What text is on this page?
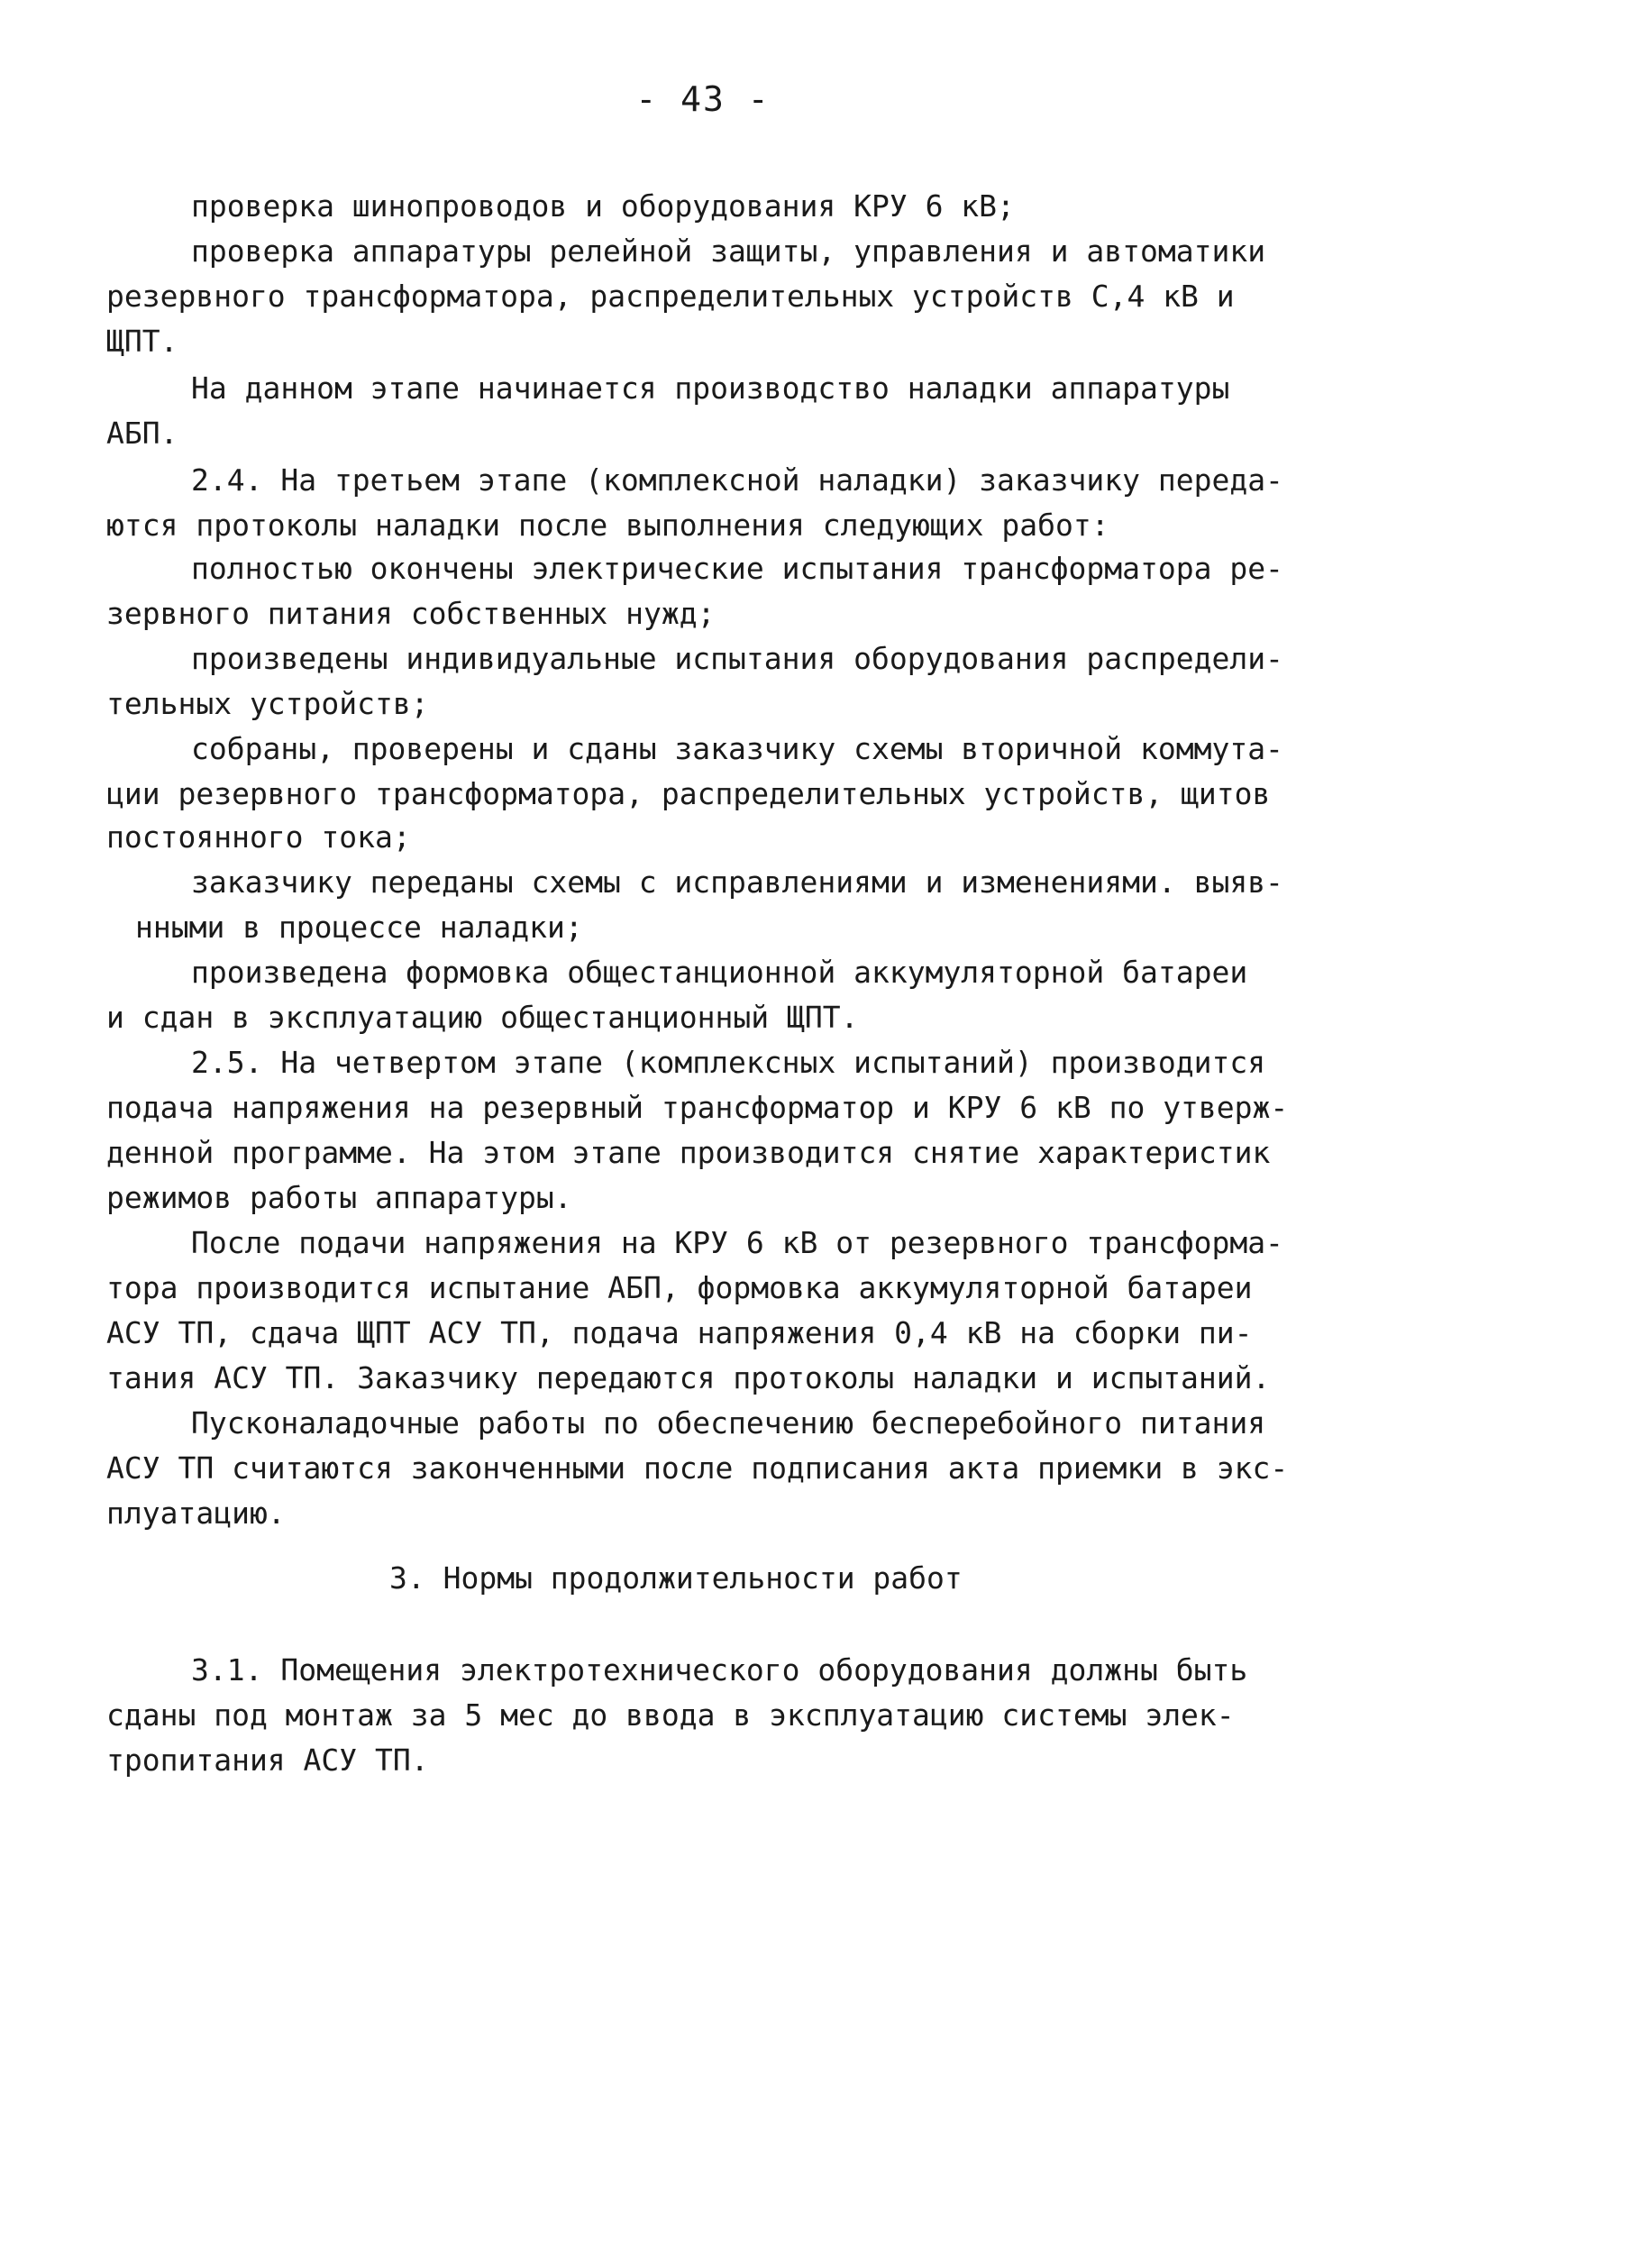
- 43 -
проверка шинопроводов и оборудования КРУ 6 кВ;
проверка аппаратуры релейной защиты, управления и автоматики
резервного трансформатора, распределительных устройств С,4 кВ и
ЩПТ.
На данном этапе начинается производство наладки аппаратуры
АБП.
2.4. На третьем этапе (комплексной наладки) заказчику переда-
ются протоколы наладки после выполнения следующих работ:
полностью окончены электрические испытания трансформатора ре-
зервного питания собственных нужд;
произведены индивидуальные испытания оборудования распредели-
тельных устройств;
собраны, проверены и сданы заказчику схемы вторичной коммута-
ции резервного трансформатора, распределительных устройств, щитов
постоянного тока;
заказчику переданы схемы с исправлениями и изменениями. выяв-
нными в процессе наладки;
произведена формовка общестанционной аккумуляторной батареи
и сдан в эксплуатацию общестанционный ЩПТ.
2.5. На четвертом этапе (комплексных испытаний) производится
подача напряжения на резервный трансформатор и КРУ 6 кВ по утверж-
денной программе. На этом этапе производится снятие характеристик
режимов работы аппаратуры.
После подачи напряжения на КРУ 6 кВ от резервного трансформа-
тора производится испытание АБП, формовка аккумуляторной батареи
АСУ ТП, сдача ЩПТ АСУ ТП, подача напряжения 0,4 кВ на сборки пи-
тания АСУ ТП. Заказчику передаются протоколы наладки и испытаний.
Пусконаладочные работы по обеспечению бесперебойного питания
АСУ ТП считаются законченными после подписания акта приемки в экс-
плуатацию.
3. Нормы продолжительности работ
3.1. Помещения электротехнического оборудования должны быть
сданы под монтаж за 5 мес до ввода в эксплуатацию системы элек-
тропитания АСУ ТП.
